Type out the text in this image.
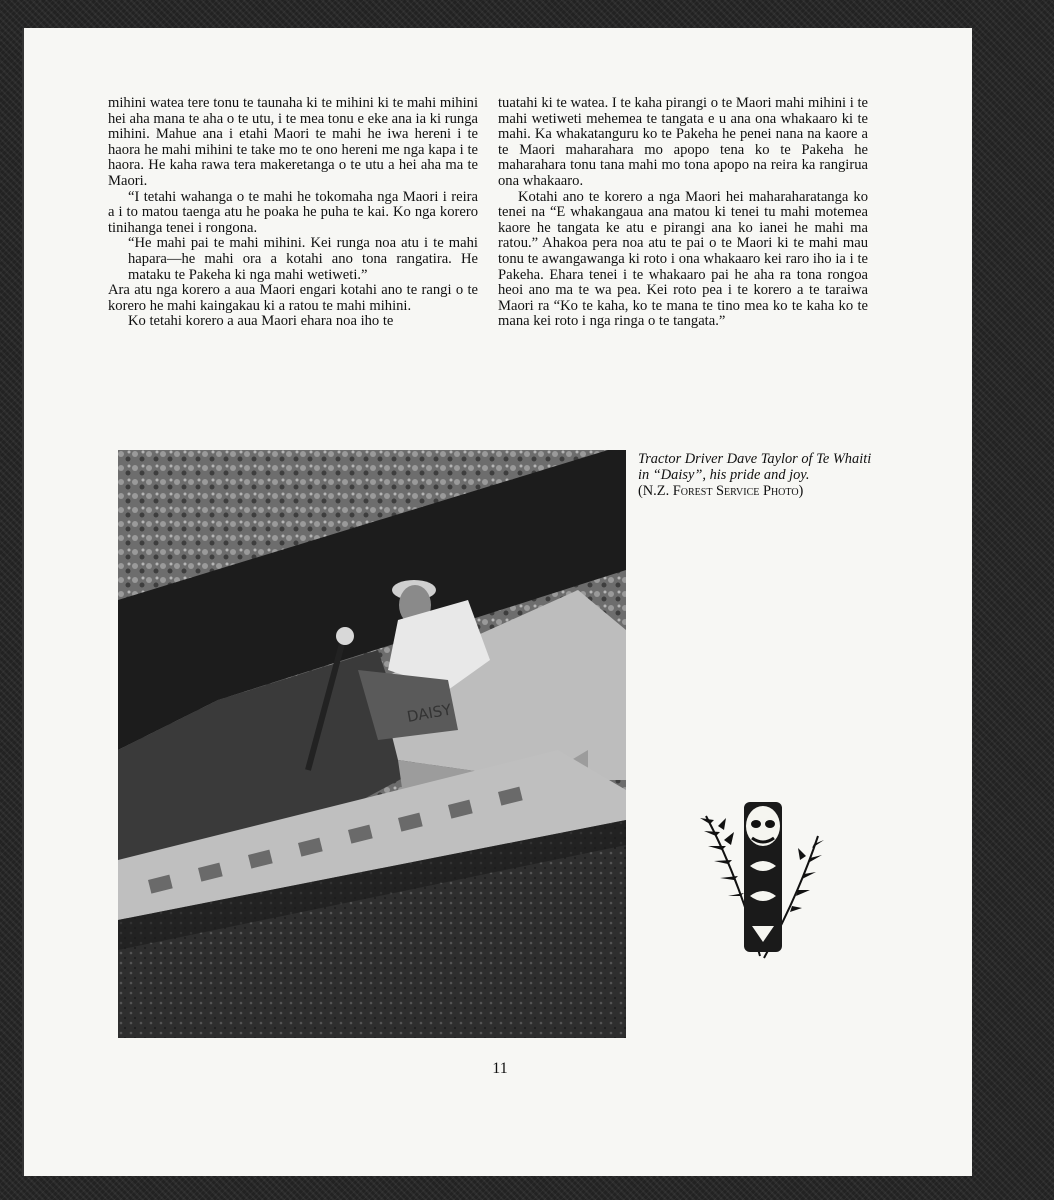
mihini watea tere tonu te taunaha ki te mihini ki te mahi mihini hei aha mana te aha o te utu, i te mea tonu e eke ana ia ki runga mihini. Mahue ana i etahi Maori te mahi he iwa hereni i te haora he mahi mihini te take mo te ono hereni me nga kapa i te haora. He kaha rawa tera makeretanga o te utu a hei aha ma te Maori.

“I tetahi wahanga o te mahi he tokomaha nga Maori i reira a i to matou taenga atu he poaka he puha te kai. Ko nga korero tinihanga tenei i rongona.

“He mahi pai te mahi mihini. Kei runga noa atu i te mahi hapara—he mahi ora a kotahi ano tona rangatira. He mataku te Pakeha ki nga mahi wetiweti.”

Ara atu nga korero a aua Maori engari kotahi ano te rangi o te korero he mahi kaingakau ki a ratou te mahi mihini.

Ko tetahi korero a aua Maori ehara noa iho te

tuatahi ki te watea. I te kaha pirangi o te Maori mahi mihini i te mahi wetiweti mehemea te tangata e u ana ona whakaaro ki te mahi. Ka whakatanguru ko te Pakeha he penei nana na kaore a te Maori maharahara mo apopo tena ko te Pakeha he maharahara tonu tana mahi mo tona apopo na reira ka rangirua ona whakaaro.

Kotahi ano te korero a nga Maori hei maharaharatanga ko tenei na “E whakangaua ana matou ki tenei tu mahi motemea kaore he tangata ke atu e pirangi ana ko ianei he mahi ma ratou.” Ahakoa pera noa atu te pai o te Maori ki te mahi mau tonu te awangawanga ki roto i ona whakaaro kei raro iho ia i te Pakeha. Ehara tenei i te whakaaro pai he aha ra tona rongoa heoi ano ma te wa pea. Kei roto pea i te korero a te taraiwa Maori ra “Ko te kaha, ko te mana te tino mea ko te kaha ko te mana kei roto i nga ringa o te tangata.”

DAISY
Tractor Driver Dave Taylor of Te Whaiti in “Daisy”, his pride and joy.
(N.Z. Forest Service Photo)
11
